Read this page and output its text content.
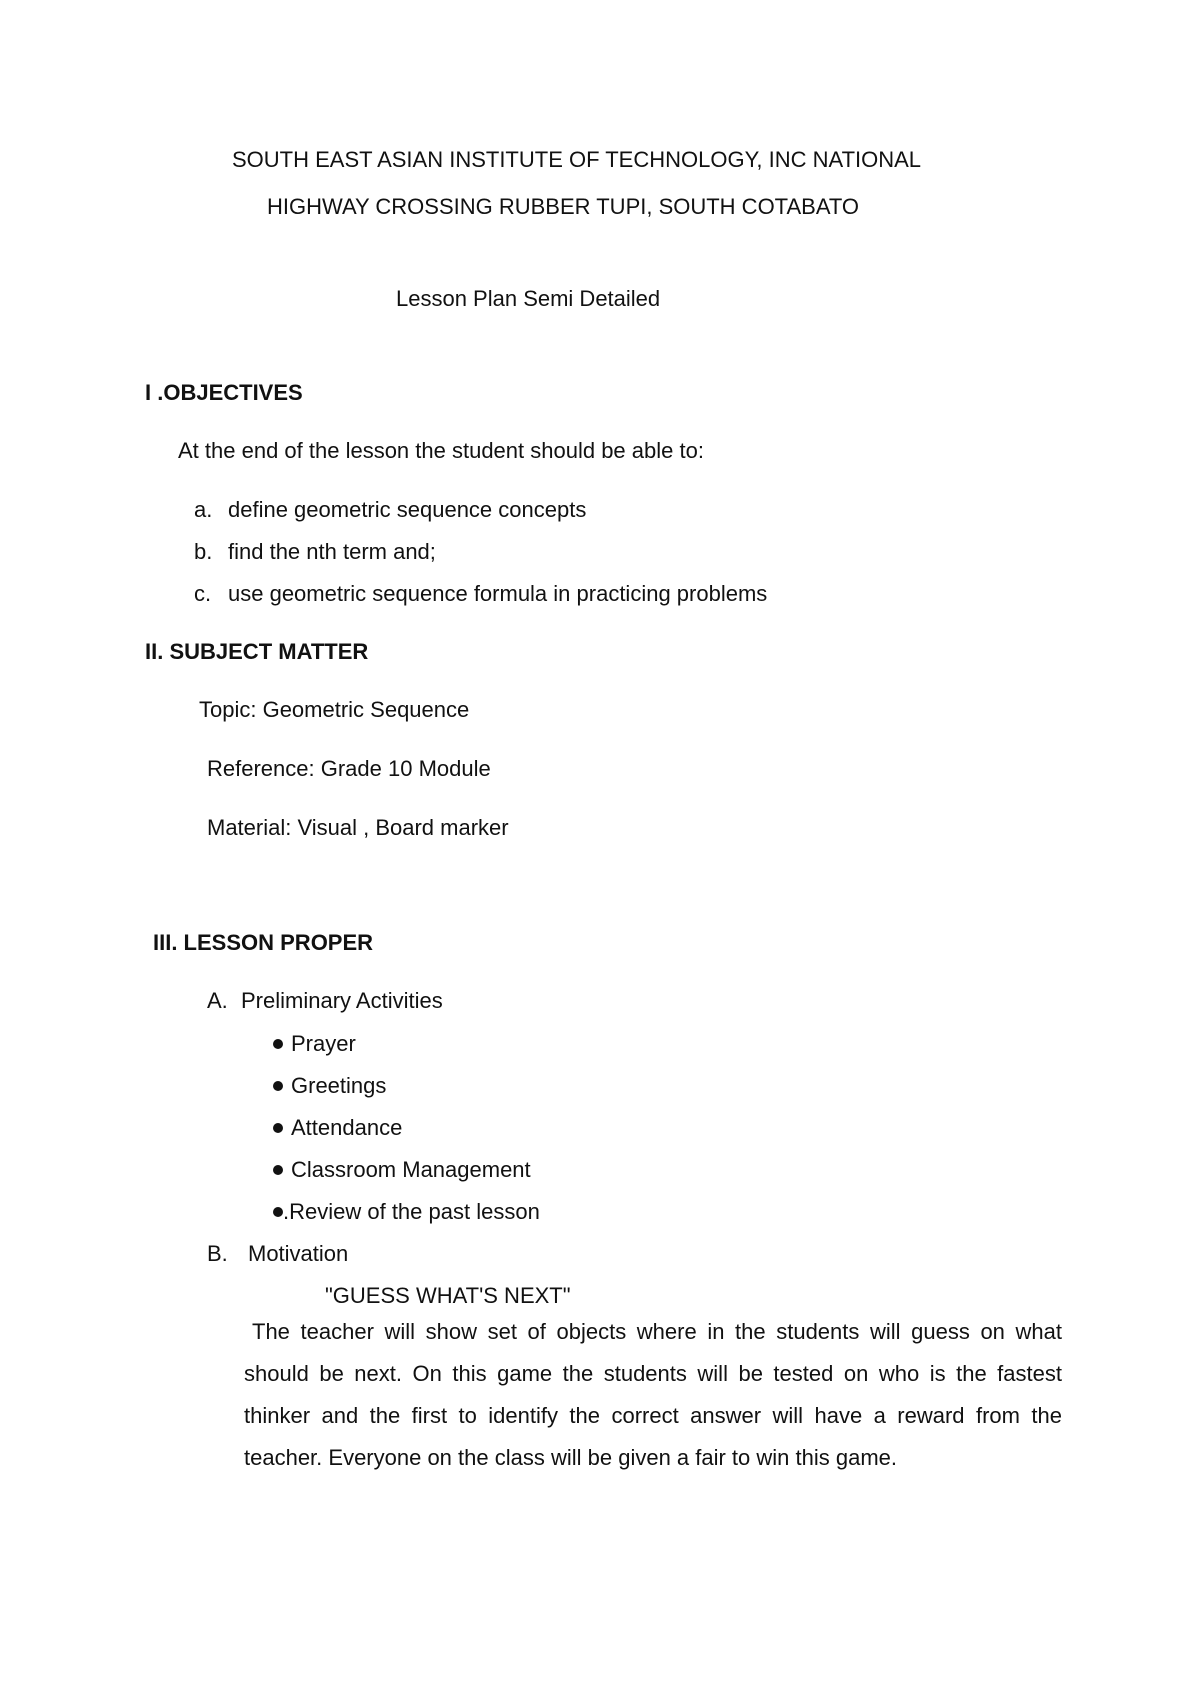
SOUTH EAST ASIAN INSTITUTE OF TECHNOLOGY, INC NATIONAL
HIGHWAY CROSSING RUBBER TUPI, SOUTH COTABATO
Lesson Plan Semi Detailed
I .OBJECTIVES
At the end of the lesson the student should be able to:
a. define geometric sequence concepts
b. find the nth term and;
c. use geometric sequence formula in practicing problems
II. SUBJECT MATTER
Topic: Geometric Sequence
Reference: Grade 10 Module
Material: Visual , Board marker
III. LESSON PROPER
A. Preliminary Activities
Prayer
Greetings
Attendance
Classroom Management
.Review of the past lesson
B. Motivation
"GUESS WHAT'S NEXT"
The teacher will show set of objects where in the students will guess on what should be next. On this game the students will be tested on who is the fastest thinker and the first to identify the correct answer will have a reward from the teacher. Everyone on the class will be given a fair to win this game.
